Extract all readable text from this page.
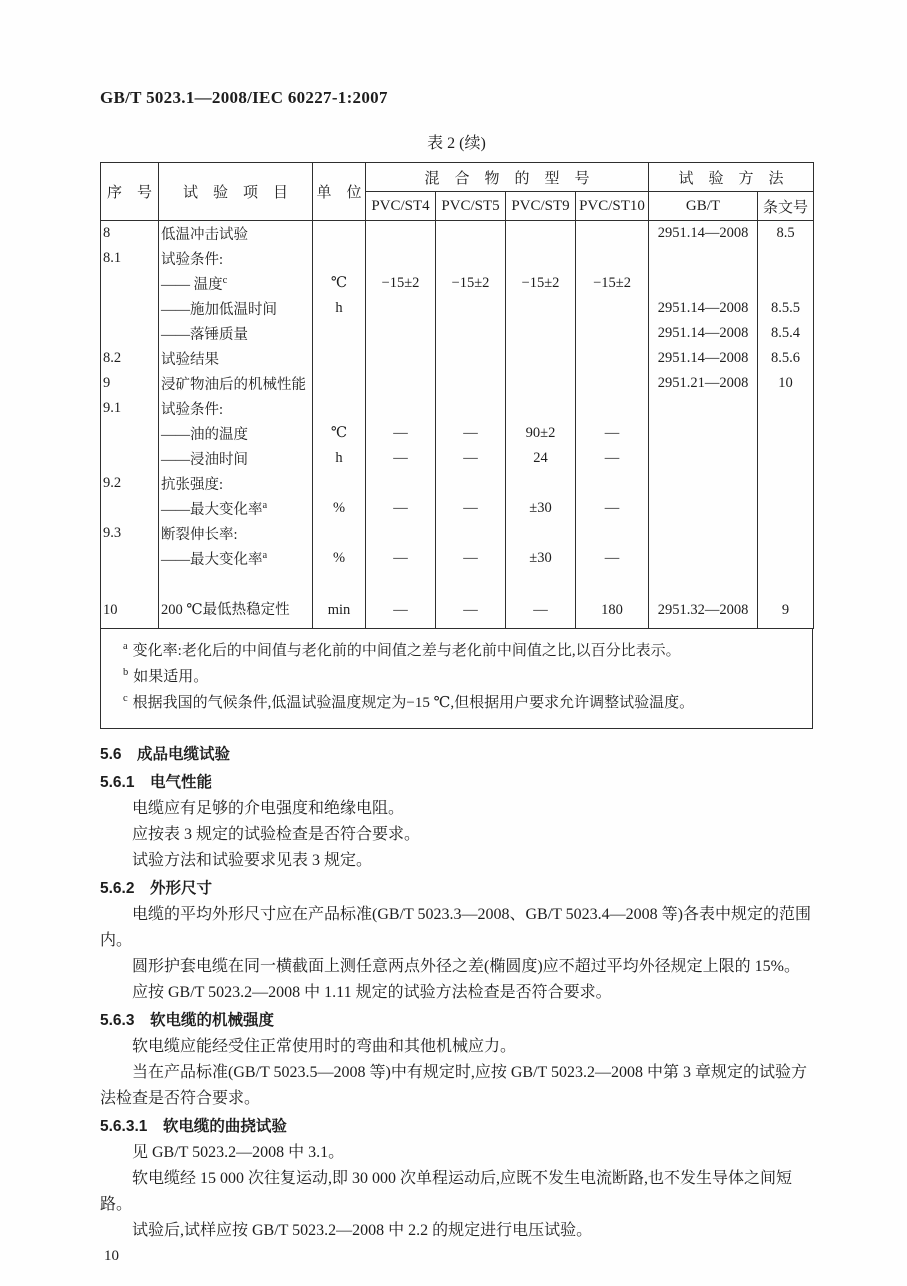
GB/T 5023.1—2008/IEC 60227-1:2007
表 2 (续)
序　号	试　验　项　目	单　位	混　合　物　的　型　号				试　验　方　法	
			PVC/ST4	PVC/ST5	PVC/ST9	PVC/ST10	GB/T	条文号
8	低温冲击试验						2951.14—2008	8.5
8.1	试验条件:							
	—— 温度$^c$	℃	−15±2	−15±2	−15±2	−15±2		
	——施加低温时间	h					2951.14—2008	8.5.5
	——落锤质量						2951.14—2008	8.5.4
8.2	试验结果						2951.14—2008	8.5.6
9	浸矿物油后的机械性能						2951.21—2008	10
9.1	试验条件:							
	——油的温度	℃	—	—	90±2	—		
	——浸油时间	h	—	—	24	—		
9.2	抗张强度:							
	——最大变化率$^a$	%	—	—	±30	—		
9.3	断裂伸长率:							
	——最大变化率$^a$	%	—	—	±30	—		
10	200 ℃最低热稳定性	min	—	—	—	180	2951.32—2008	9
$^a$ 变化率:老化后的中间值与老化前的中间值之差与老化前中间值之比,以百分比表示。
$^b$ 如果适用。
$^c$ 根据我国的气候条件,低温试验温度规定为−15 ℃,但根据用户要求允许调整试验温度。
5.6　成品电缆试验
5.6.1　电气性能

电缆应有足够的介电强度和绝缘电阻。

应按表 3 规定的试验检查是否符合要求。

试验方法和试验要求见表 3 规定。

5.6.2　外形尺寸

电缆的平均外形尺寸应在产品标准(GB/T 5023.3—2008、GB/T 5023.4—2008 等)各表中规定的范围内。

圆形护套电缆在同一横截面上测任意两点外径之差(椭圆度)应不超过平均外径规定上限的 15%。

应按 GB/T 5023.2—2008 中 1.11 规定的试验方法检查是否符合要求。

5.6.3　软电缆的机械强度

软电缆应能经受住正常使用时的弯曲和其他机械应力。

当在产品标准(GB/T 5023.5—2008 等)中有规定时,应按 GB/T 5023.2—2008 中第 3 章规定的试验方法检查是否符合要求。

5.6.3.1　软电缆的曲挠试验

见 GB/T 5023.2—2008 中 3.1。

软电缆经 15 000 次往复运动,即 30 000 次单程运动后,应既不发生电流断路,也不发生导体之间短路。

试验后,试样应按 GB/T 5023.2—2008 中 2.2 的规定进行电压试验。

10
